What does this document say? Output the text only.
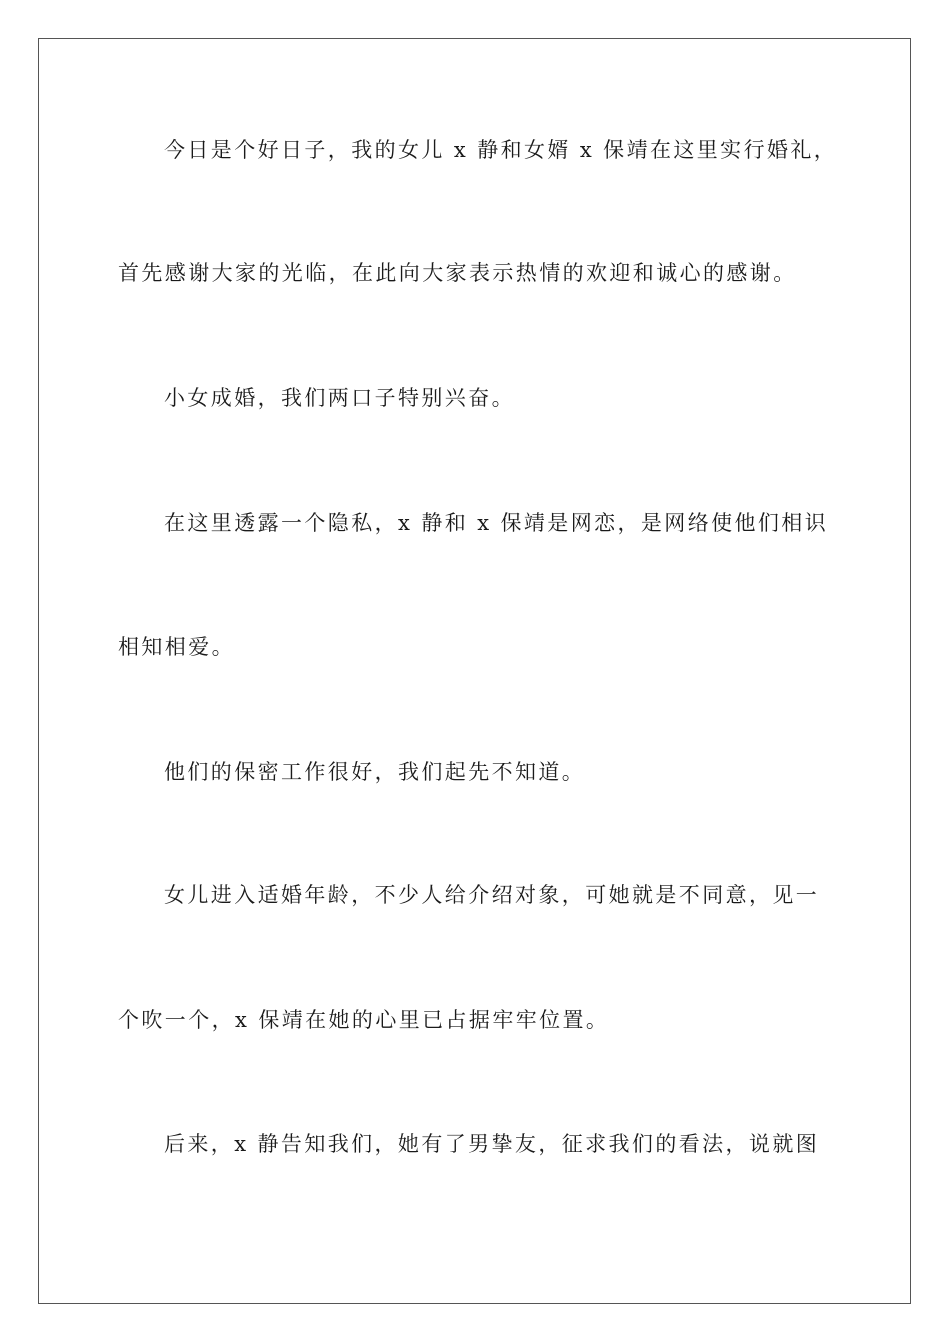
今日是个好日子，我的女儿 x 静和女婿 x 保靖在这里实行婚礼，
首先感谢大家的光临，在此向大家表示热情的欢迎和诚心的感谢。
小女成婚，我们两口子特别兴奋。
在这里透露一个隐私，x 静和 x 保靖是网恋，是网络使他们相识
相知相爱。
他们的保密工作很好，我们起先不知道。
女儿进入适婚年龄，不少人给介绍对象，可她就是不同意，见一
个吹一个，x 保靖在她的心里已占据牢牢位置。
后来，x 静告知我们，她有了男挚友，征求我们的看法，说就图
